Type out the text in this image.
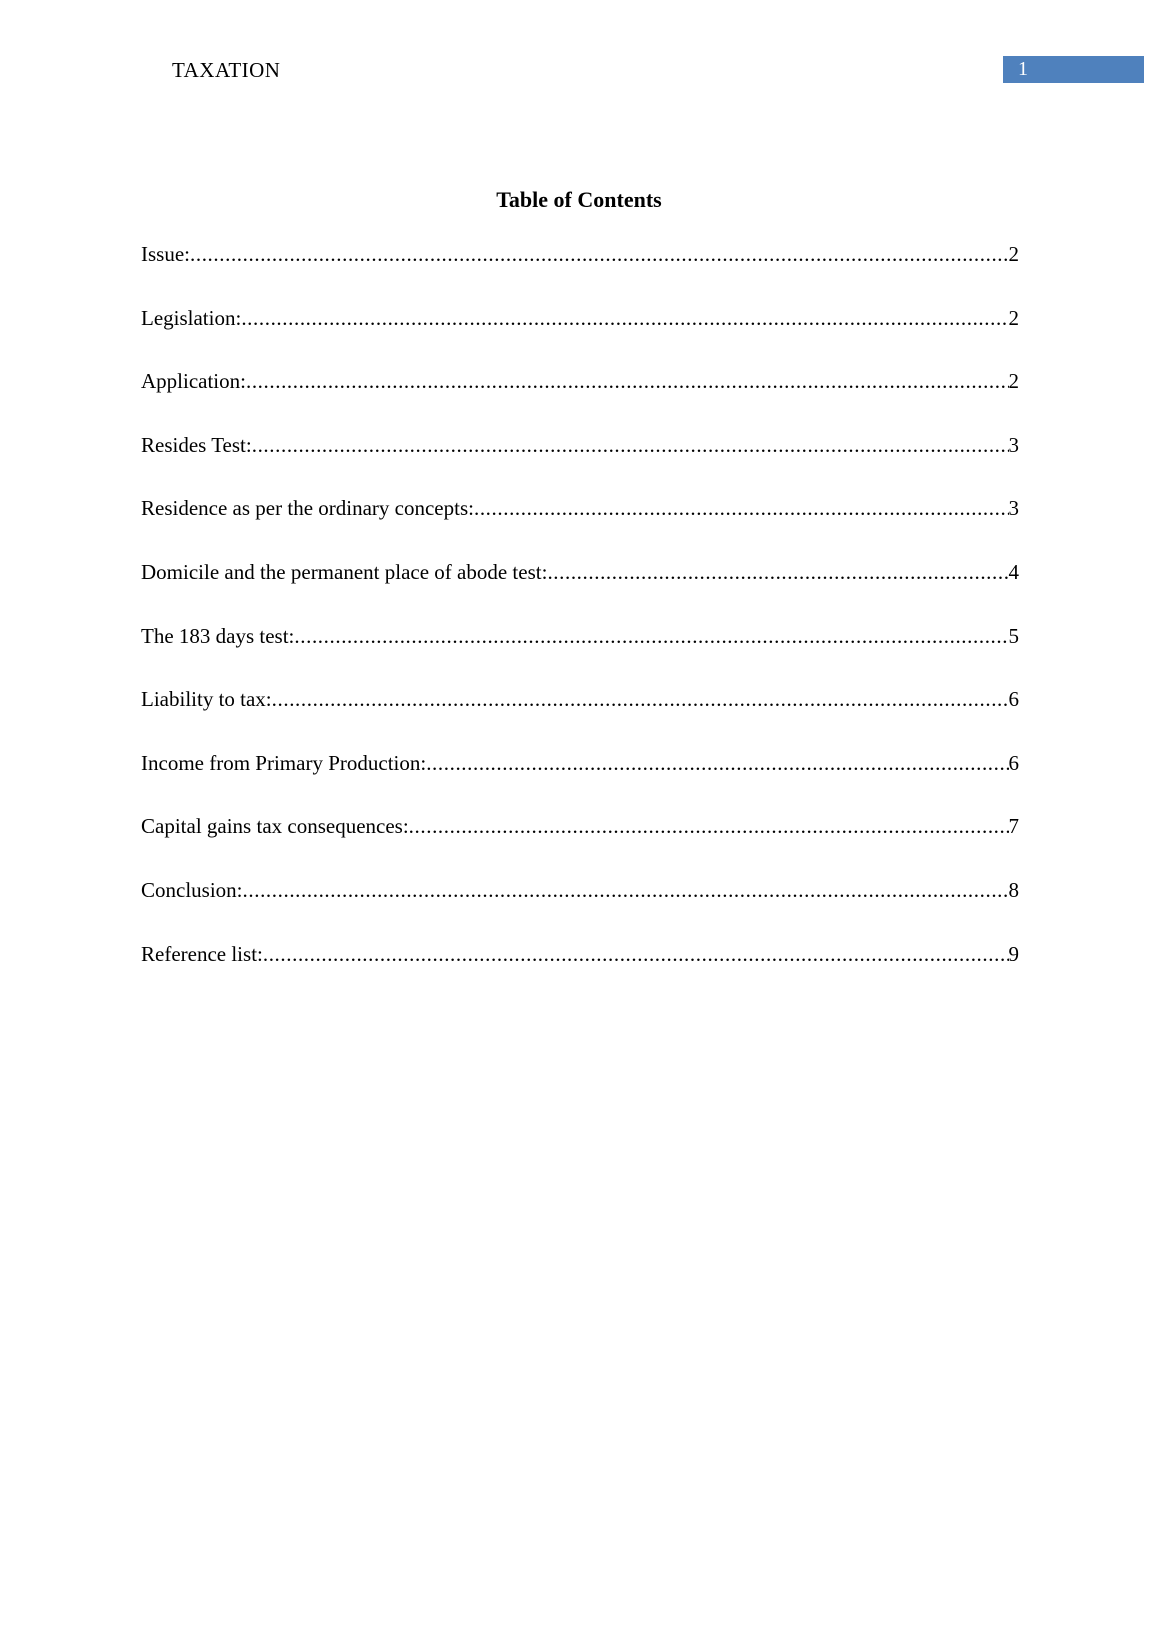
TAXATION	1
Table of Contents
Issue: .....	2
Legislation: .....	2
Application: .....	2
Resides Test: .....	3
Residence as per the ordinary concepts: .....	3
Domicile and the permanent place of abode test: .....	4
The 183 days test: .....	5
Liability to tax: .....	6
Income from Primary Production: .....	6
Capital gains tax consequences: .....	7
Conclusion: .....	8
Reference list: .....	9
